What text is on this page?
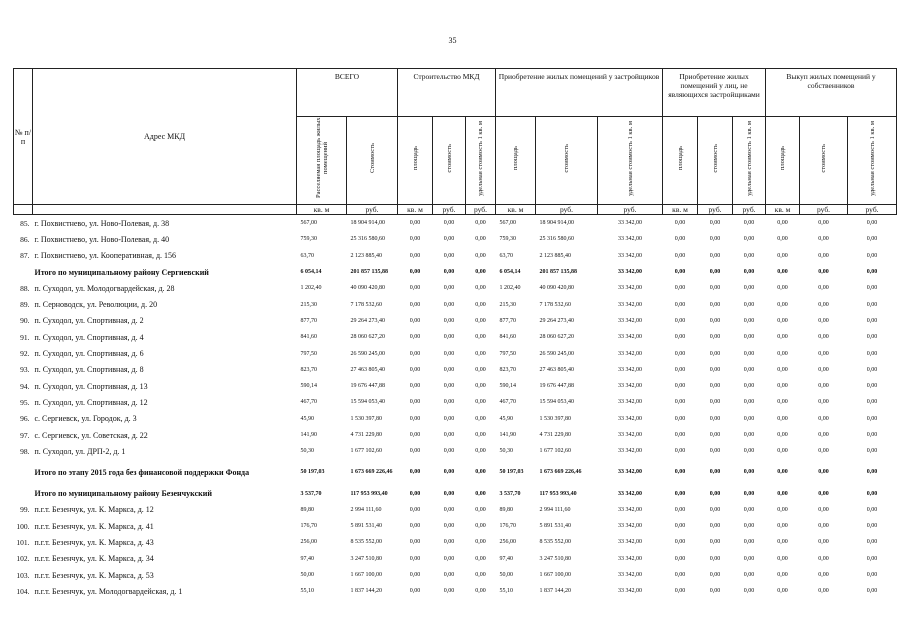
35
№ п/п	Адрес МКД	ВСЕГО		Строительство МКД			Приобретение жилых помещений у застройщиков			Приобретение жилых помещений у лиц, не являющихся застройщиками			Выкуп жилых помещений у собственников		
		Расселяемая площадь жилых помещений	Стоимость	площадь	стоимость	удельная стоимость 1 кв. м	площадь	стоимость	удельная стоимость 1 кв. м	площадь	стоимость	удельная стоимость 1 кв. м	площадь	стоимость	удельная стоимость 1 кв. м
		кв. м	руб.	кв. м	руб.	руб.	кв. м	руб.	руб.	кв. м	руб.	руб.	кв. м	руб.	руб.
85.	г. Похвистнево, ул. Ново-Полевая, д. 38	567,00	18 904 914,00	0,00	0,00	0,00	567,00	18 904 914,00	33 342,00	0,00	0,00	0,00	0,00	0,00	0,00
86.	г. Похвистнево, ул. Ново-Полевая, д. 40	759,30	25 316 580,60	0,00	0,00	0,00	759,30	25 316 580,60	33 342,00	0,00	0,00	0,00	0,00	0,00	0,00
87.	г. Похвистнево, ул. Кооперативная, д. 156	63,70	2 123 885,40	0,00	0,00	0,00	63,70	2 123 885,40	33 342,00	0,00	0,00	0,00	0,00	0,00	0,00
	Итого по муниципальному району Сергиевский	6 054,14	201 857 135,88	0,00	0,00	0,00	6 054,14	201 857 135,88	33 342,00	0,00	0,00	0,00	0,00	0,00	0,00
88.	п. Суходол, ул. Молодогвардейская, д. 28	1 202,40	40 090 420,80	0,00	0,00	0,00	1 202,40	40 090 420,80	33 342,00	0,00	0,00	0,00	0,00	0,00	0,00
89.	п. Серноводск, ул. Революции, д. 20	215,30	7 178 532,60	0,00	0,00	0,00	215,30	7 178 532,60	33 342,00	0,00	0,00	0,00	0,00	0,00	0,00
90.	п. Суходол, ул. Спортивная, д. 2	877,70	29 264 273,40	0,00	0,00	0,00	877,70	29 264 273,40	33 342,00	0,00	0,00	0,00	0,00	0,00	0,00
91.	п. Суходол, ул. Спортивная, д. 4	841,60	28 060 627,20	0,00	0,00	0,00	841,60	28 060 627,20	33 342,00	0,00	0,00	0,00	0,00	0,00	0,00
92.	п. Суходол, ул. Спортивная, д. 6	797,50	26 590 245,00	0,00	0,00	0,00	797,50	26 590 245,00	33 342,00	0,00	0,00	0,00	0,00	0,00	0,00
93.	п. Суходол, ул. Спортивная, д. 8	823,70	27 463 805,40	0,00	0,00	0,00	823,70	27 463 805,40	33 342,00	0,00	0,00	0,00	0,00	0,00	0,00
94.	п. Суходол, ул. Спортивная, д. 13	590,14	19 676 447,88	0,00	0,00	0,00	590,14	19 676 447,88	33 342,00	0,00	0,00	0,00	0,00	0,00	0,00
95.	п. Суходол, ул. Спортивная, д. 12	467,70	15 594 053,40	0,00	0,00	0,00	467,70	15 594 053,40	33 342,00	0,00	0,00	0,00	0,00	0,00	0,00
96.	с. Сергиевск, ул. Городок, д. 3	45,90	1 530 397,80	0,00	0,00	0,00	45,90	1 530 397,80	33 342,00	0,00	0,00	0,00	0,00	0,00	0,00
97.	с. Сергиевск, ул. Советская, д. 22	141,90	4 731 229,80	0,00	0,00	0,00	141,90	4 731 229,80	33 342,00	0,00	0,00	0,00	0,00	0,00	0,00
98.	п. Суходол, ул. ДРП-2, д. 1	50,30	1 677 102,60	0,00	0,00	0,00	50,30	1 677 102,60	33 342,00	0,00	0,00	0,00	0,00	0,00	0,00
	Итого по этапу 2015 года без финансовой поддержки Фонда	50 197,03	1 673 669 226,46	0,00	0,00	0,00	50 197,03	1 673 669 226,46	33 342,00	0,00	0,00	0,00	0,00	0,00	0,00
	Итого по муниципальному району Безенчукский	3 537,70	117 953 993,40	0,00	0,00	0,00	3 537,70	117 953 993,40	33 342,00	0,00	0,00	0,00	0,00	0,00	0,00
99.	п.г.т. Безенчук, ул. К. Маркса, д. 12	89,80	2 994 111,60	0,00	0,00	0,00	89,80	2 994 111,60	33 342,00	0,00	0,00	0,00	0,00	0,00	0,00
100.	п.г.т. Безенчук, ул. К. Маркса, д. 41	176,70	5 891 531,40	0,00	0,00	0,00	176,70	5 891 531,40	33 342,00	0,00	0,00	0,00	0,00	0,00	0,00
101.	п.г.т. Безенчук, ул. К. Маркса, д. 43	256,00	8 535 552,00	0,00	0,00	0,00	256,00	8 535 552,00	33 342,00	0,00	0,00	0,00	0,00	0,00	0,00
102.	п.г.т. Безенчук, ул. К. Маркса, д. 34	97,40	3 247 510,80	0,00	0,00	0,00	97,40	3 247 510,80	33 342,00	0,00	0,00	0,00	0,00	0,00	0,00
103.	п.г.т. Безенчук, ул. К. Маркса, д. 53	50,00	1 667 100,00	0,00	0,00	0,00	50,00	1 667 100,00	33 342,00	0,00	0,00	0,00	0,00	0,00	0,00
104.	п.г.т. Безенчук, ул. Молодогвардейская, д. 1	55,10	1 837 144,20	0,00	0,00	0,00	55,10	1 837 144,20	33 342,00	0,00	0,00	0,00	0,00	0,00	0,00
